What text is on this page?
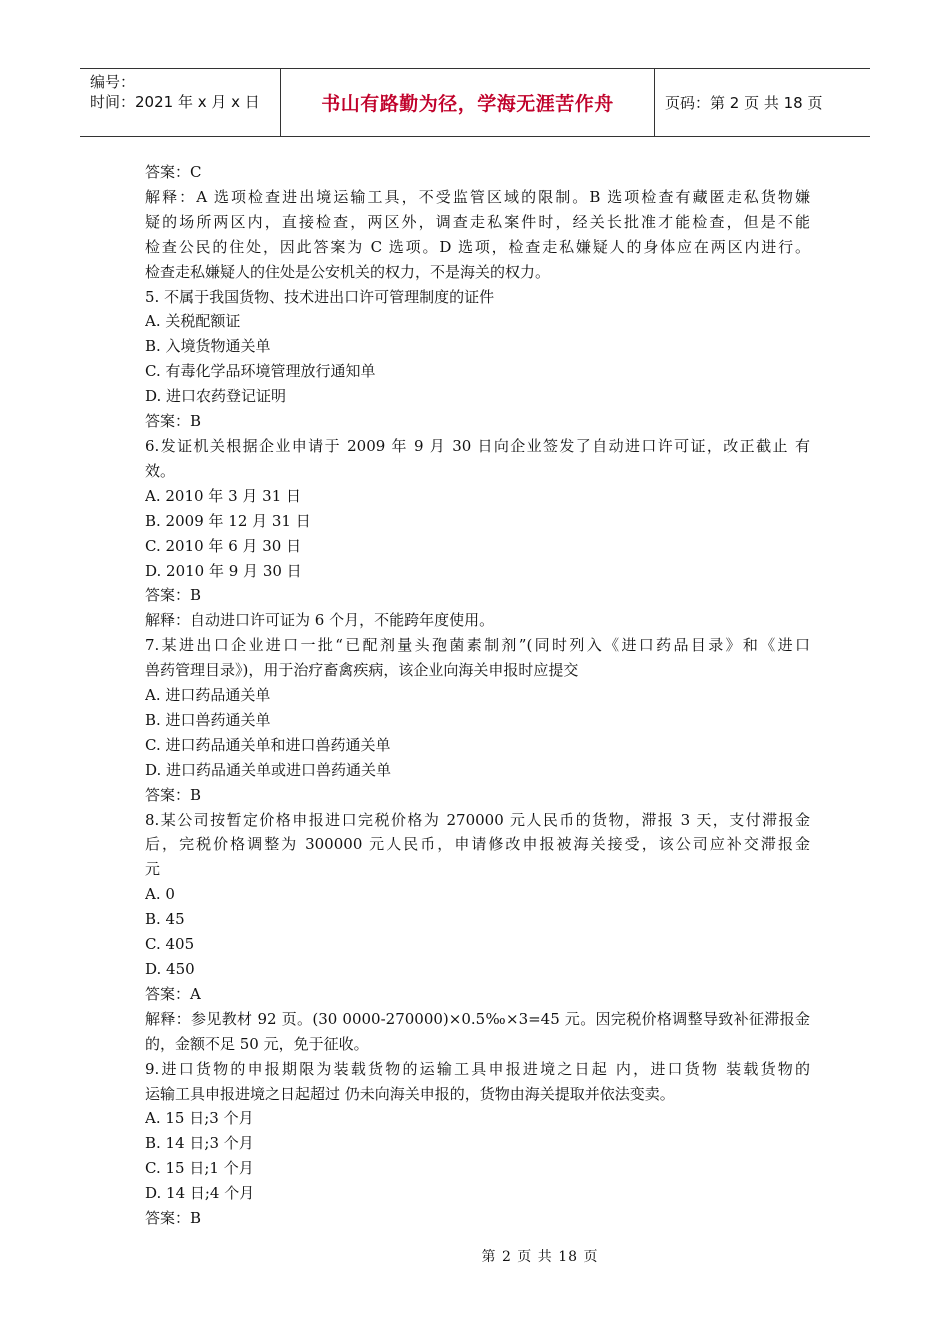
编号：
时间：2021 年 x 月 x 日	书山有路勤为径，学海无涯苦作舟	页码：第 2 页 共 18 页
答案：C
解释：A 选项检查进出境运输工具，不受监管区域的限制。B 选项检查有藏匿走私货物嫌
疑的场所两区内，直接检查，两区外，调查走私案件时，经关长批准才能检查，但是不能
检查公民的住处，因此答案为 C 选项。D 选项，检查走私嫌疑人的身体应在两区内进行。
检查走私嫌疑人的住处是公安机关的权力，不是海关的权力。
5. 不属于我国货物、技术进出口许可管理制度的证件
A. 关税配额证
B. 入境货物通关单
C. 有毒化学品环境管理放行通知单
D. 进口农药登记证明
答案：B
6.发证机关根据企业申请于 2009 年 9 月 30 日向企业签发了自动进口许可证，改正截止 有
效。
A. 2010 年 3 月 31 日
B. 2009 年 12 月 31 日
C. 2010 年 6 月 30 日
D. 2010 年 9 月 30 日
答案：B
解释：自动进口许可证为 6 个月，不能跨年度使用。
7.某进出口企业进口一批“已配剂量头孢菌素制剂”(同时列入《进口药品目录》和《进口
兽药管理目录》)，用于治疗畜禽疾病，该企业向海关申报时应提交
A. 进口药品通关单
B. 进口兽药通关单
C. 进口药品通关单和进口兽药通关单
D. 进口药品通关单或进口兽药通关单
答案：B
8.某公司按暂定价格申报进口完税价格为 270000 元人民币的货物，滞报 3 天，支付滞报金
后，完税价格调整为 300000 元人民币，申请修改申报被海关接受，该公司应补交滞报金
元
A. 0
B. 45
C. 405
D. 450
答案：A
解释：参见教材 92 页。(30 0000-270000)×0.5‰×3=45 元。因完税价格调整导致补征滞报金
的，金额不足 50 元，免于征收。
9.进口货物的申报期限为装载货物的运输工具申报进境之日起 内，进口货物 装载货物的
运输工具申报进境之日起超过 仍未向海关申报的，货物由海关提取并依法变卖。
A. 15 日;3 个月
B. 14 日;3 个月
C. 15 日;1 个月
D. 14 日;4 个月
答案：B
第 2 页 共 18 页
